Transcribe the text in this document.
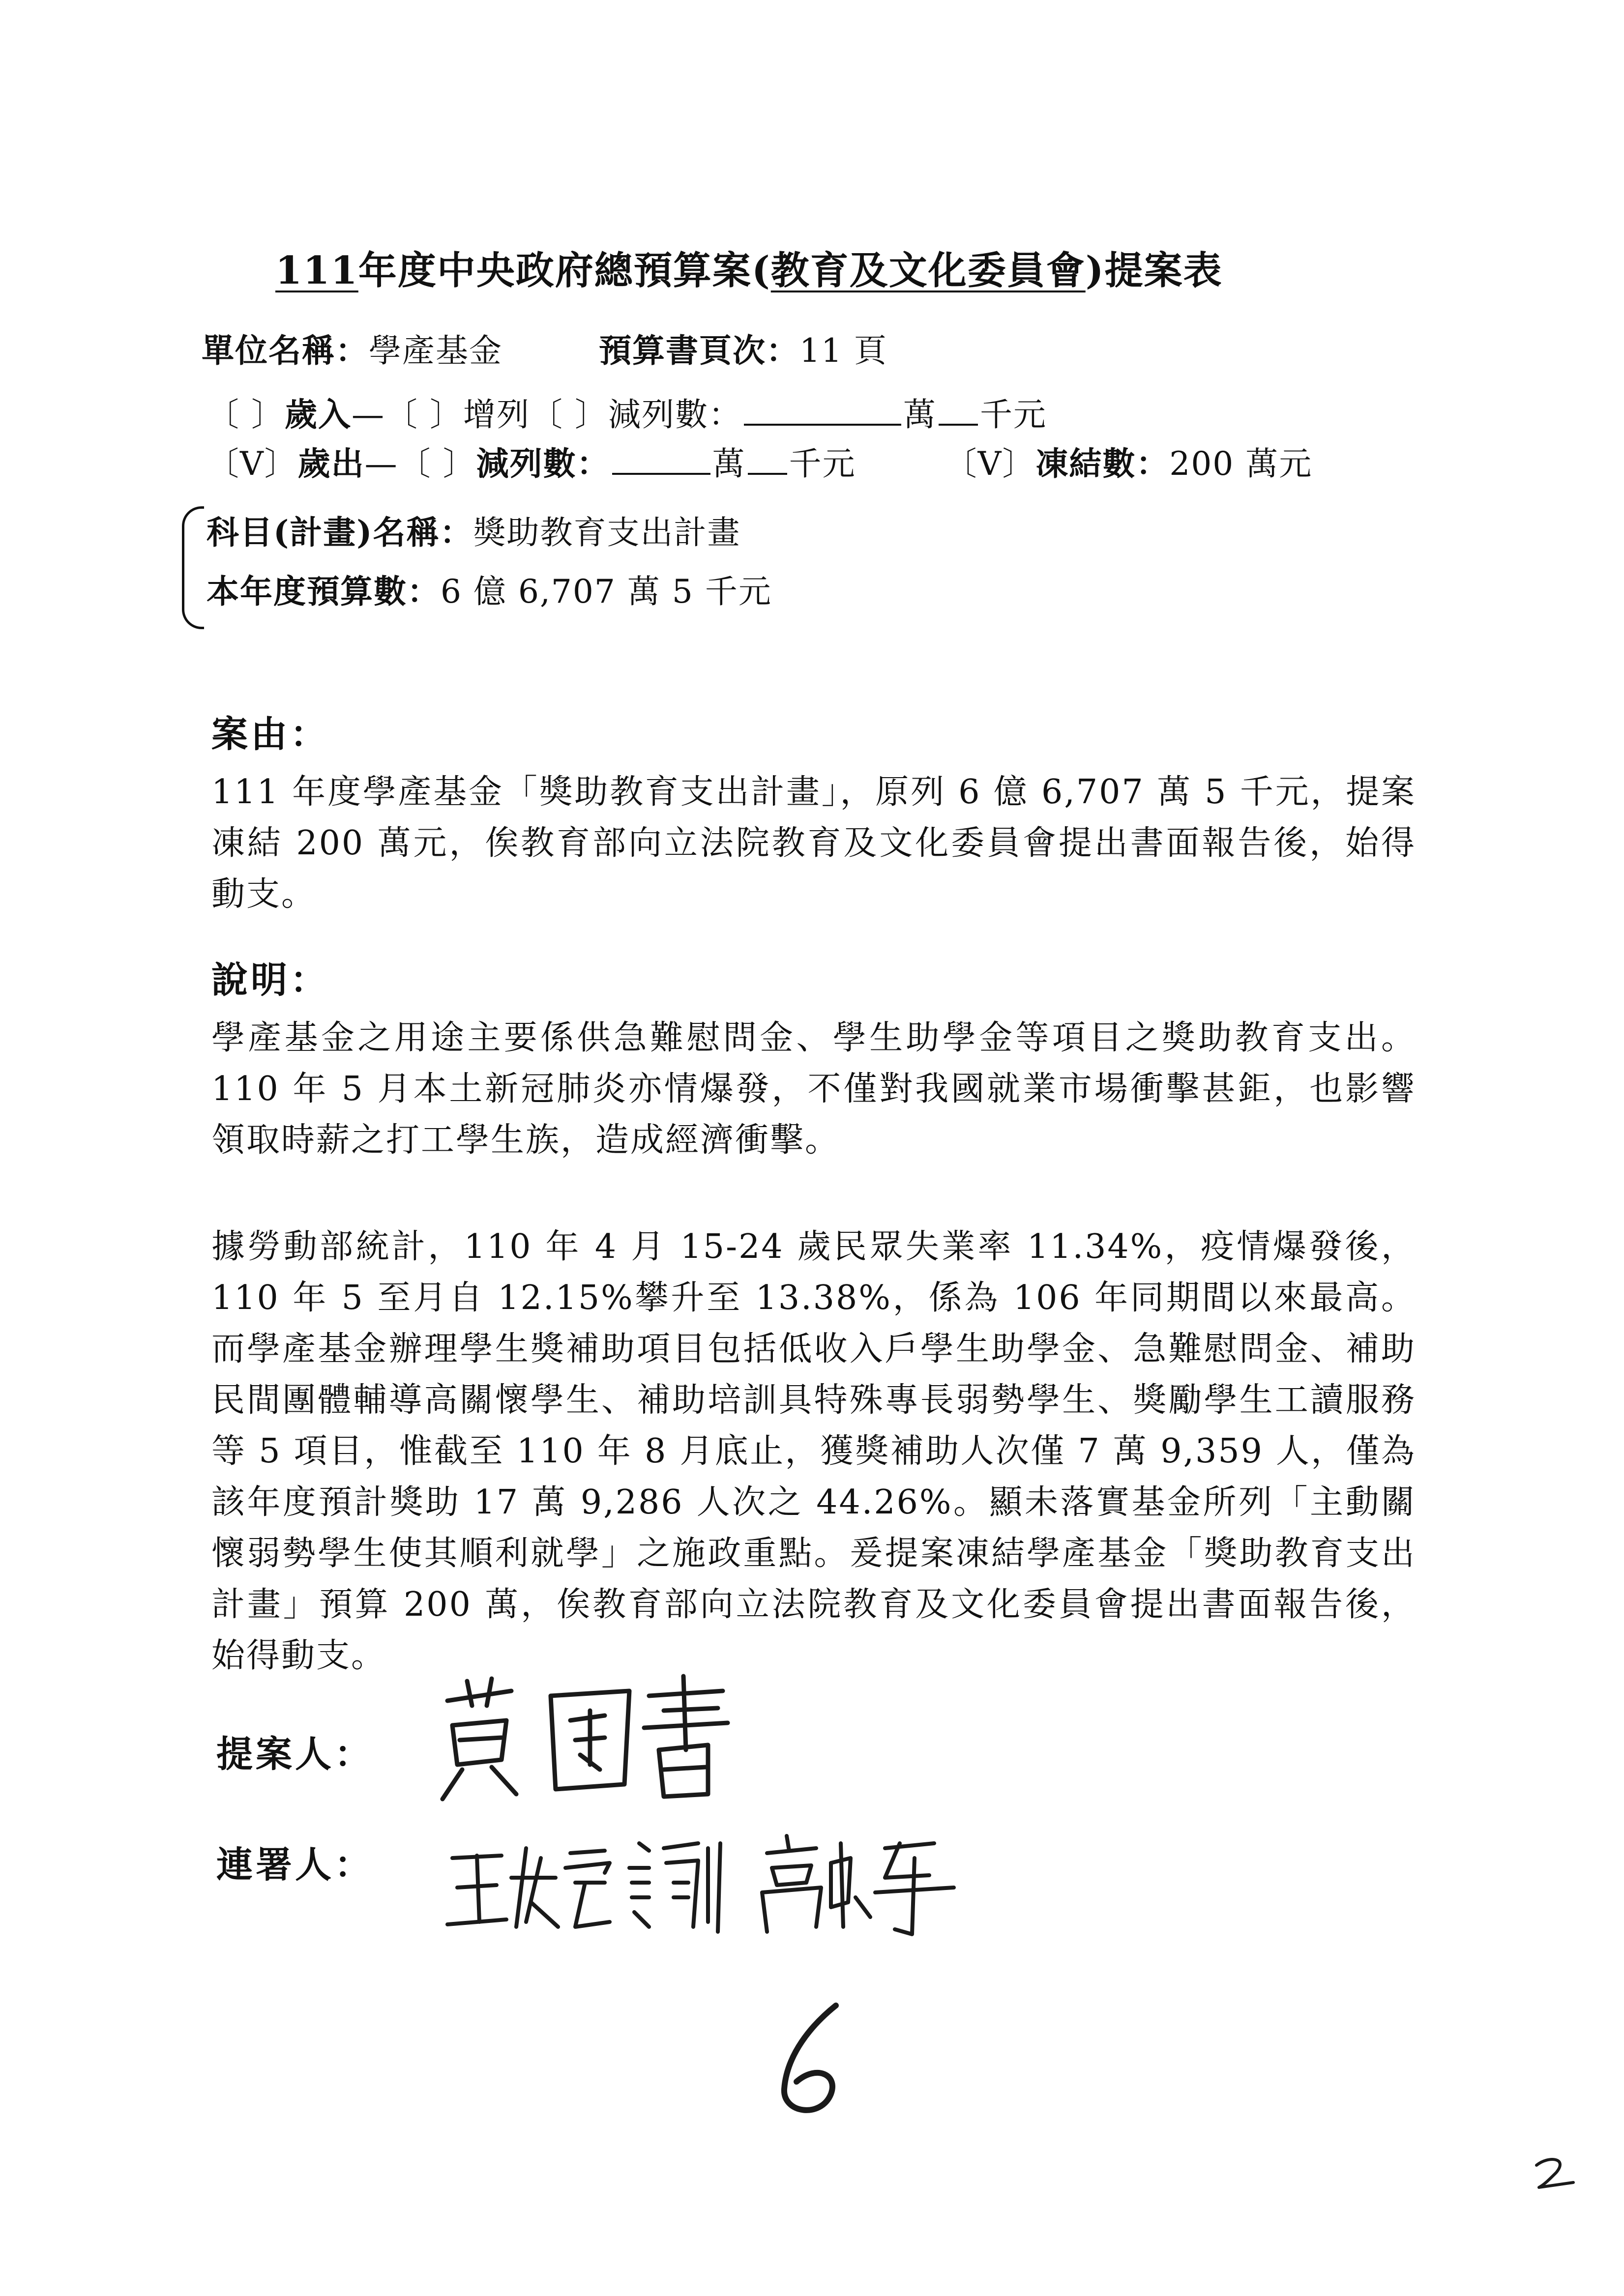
111年度中央政府總預算案(教育及文化委員會)提案表
單位名稱：學產基金	預算書頁次：11 頁
〔 〕歲入—〔 〕增列〔 〕減列數：	萬 千元
〔V〕歲出—〔 〕減列數：	萬 千元	〔V〕凍結數：200 萬元
科目(計畫)名稱：獎助教育支出計畫
本年度預算數：6 億 6,707 萬 5 千元
案由：

111 年度學產基金「獎助教育支出計畫」，原列 6 億 6,707 萬 5 千元，提案凍結 200 萬元，俟教育部向立法院教育及文化委員會提出書面報告後，始得動支。

說明：

學產基金之用途主要係供急難慰問金、學生助學金等項目之獎助教育支出。110 年 5 月本土新冠肺炎亦情爆發，不僅對我國就業市場衝擊甚鉅，也影響領取時薪之打工學生族，造成經濟衝擊。

據勞動部統計，110 年 4 月 15-24 歲民眾失業率 11.34%，疫情爆發後，110 年 5 至月自 12.15%攀升至 13.38%，係為 106 年同期間以來最高。而學產基金辦理學生獎補助項目包括低收入戶學生助學金、急難慰問金、補助民間團體輔導高關懷學生、補助培訓具特殊專長弱勢學生、獎勵學生工讀服務等 5 項目，惟截至 110 年 8 月底止，獲獎補助人次僅 7 萬 9,359 人，僅為該年度預計獎助 17 萬 9,286 人次之 44.26%。顯未落實基金所列「主動關懷弱勢學生使其順利就學」之施政重點。爰提案凍結學產基金「獎助教育支出計畫」預算 200 萬，俟教育部向立法院教育及文化委員會提出書面報告後，始得動支。

提案人：
連署人：
